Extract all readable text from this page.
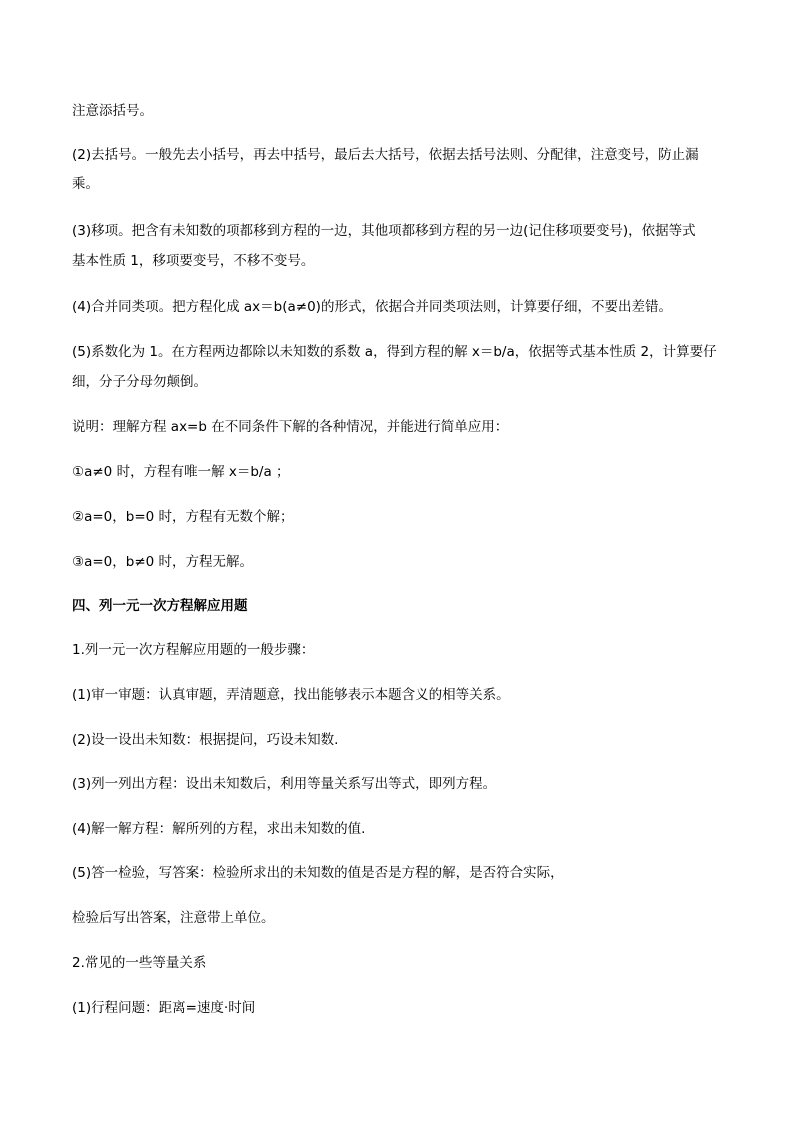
注意添括号。
(2)去括号。一般先去小括号，再去中括号，最后去大括号，依据去括号法则、分配律，注意变号，防止漏
乘。
(3)移项。把含有未知数的项都移到方程的一边，其他项都移到方程的另一边(记住移项要变号)，依据等式
基本性质 1，移项要变号，不移不变号。
(4)合并同类项。把方程化成 ax＝b(a≠0)的形式，依据合并同类项法则，计算要仔细，不要出差错。
(5)系数化为 1。在方程两边都除以未知数的系数 a，得到方程的解 x＝b/a，依据等式基本性质 2，计算要仔
细，分子分母勿颠倒。
说明：理解方程 ax=b 在不同条件下解的各种情况，并能进行简单应用：
①a≠0 时，方程有唯一解 x＝b/a ；
②a=0，b=0 时，方程有无数个解；
③a=0，b≠0 时，方程无解。
四、列一元一次方程解应用题
1.列一元一次方程解应用题的一般步骤：
(1)审一审题：认真审题，弄清题意，找出能够表示本题含义的相等关系。
(2)设一设出未知数：根据提问，巧设未知数.
(3)列一列出方程：设出未知数后，利用等量关系写出等式，即列方程。
(4)解一解方程：解所列的方程，求出未知数的值.
(5)答一检验，写答案：检验所求出的未知数的值是否是方程的解，是否符合实际，
检验后写出答案，注意带上单位。
2.常见的一些等量关系
(1)行程问题：距离=速度·时间
